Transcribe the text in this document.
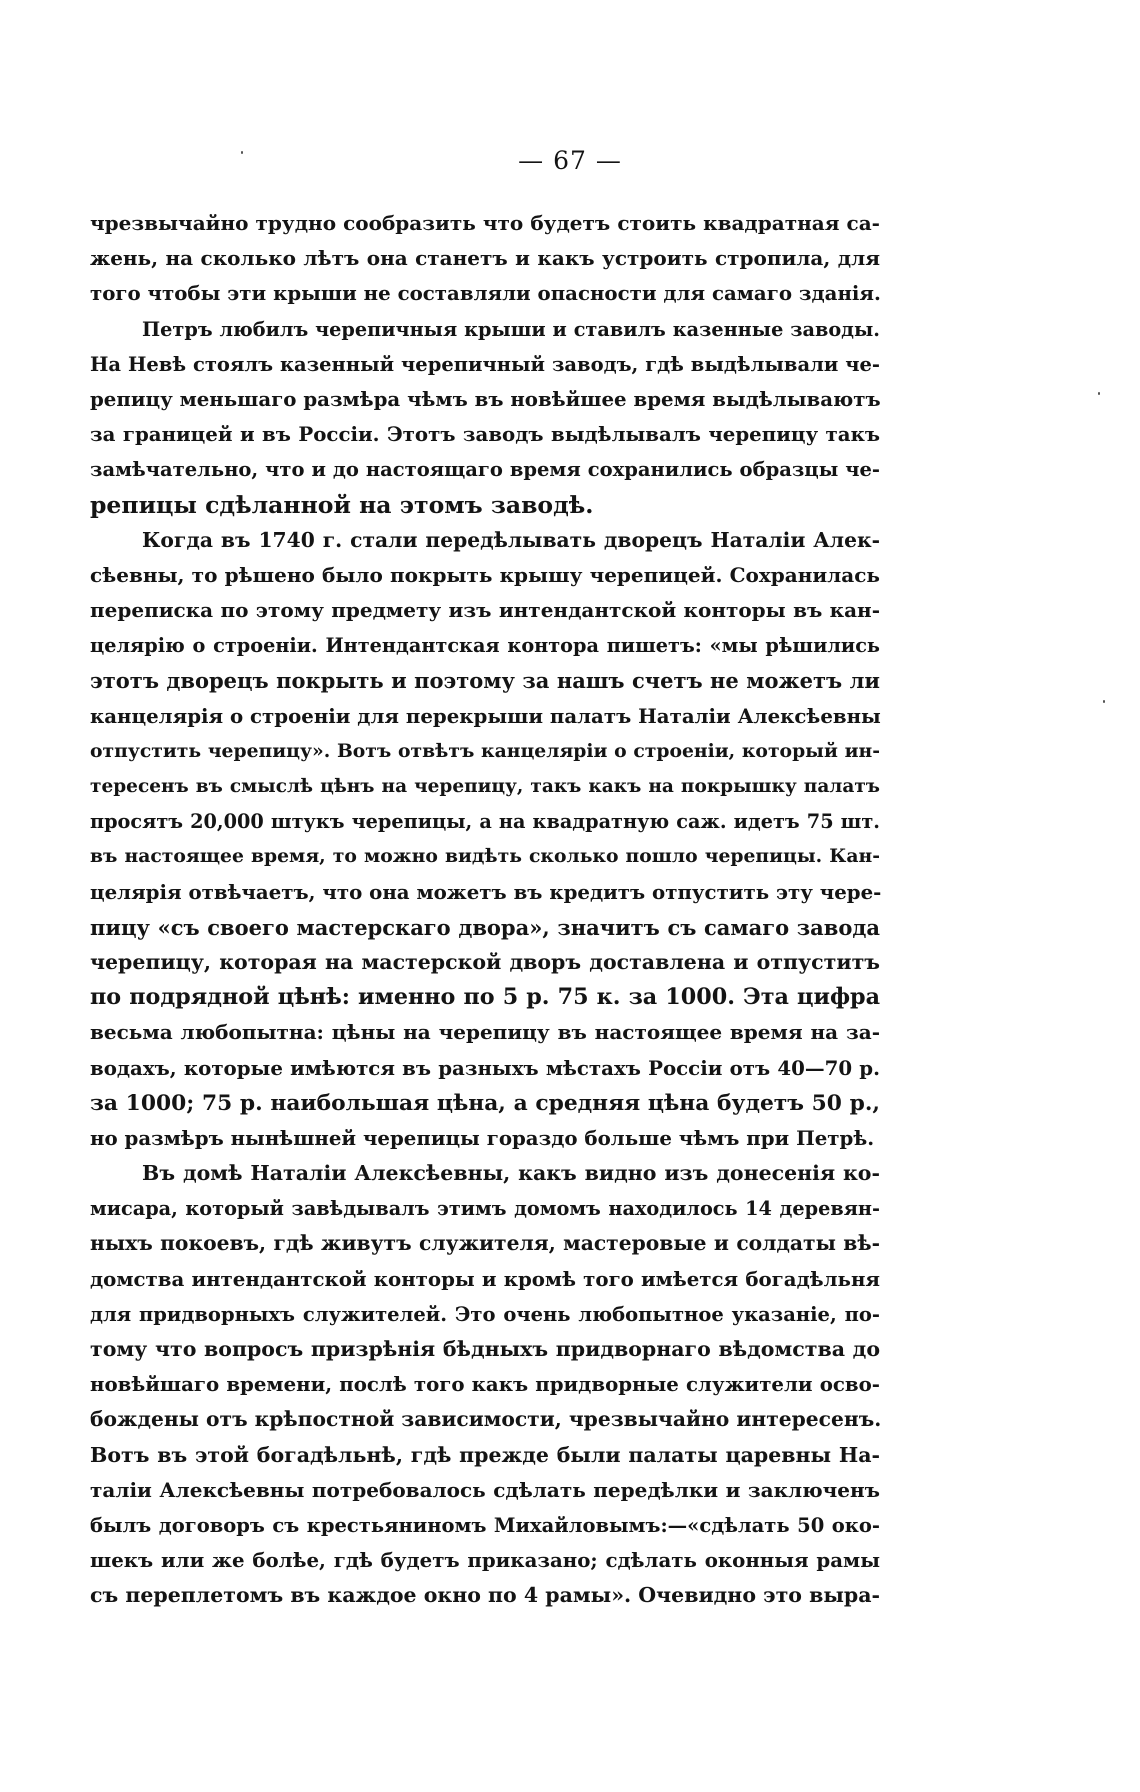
— 67 —
чрезвычайно трудно сообразить что будетъ стоить квадратная са-
жень, на сколько лѣтъ она станетъ и какъ устроить стропила, для
того чтобы эти крыши не составляли опасности для самаго зданія.
Петръ любилъ черепичныя крыши и ставилъ казенные заводы.
На Невѣ стоялъ казенный черепичный заводъ, гдѣ выдѣлывали че-
репицу меньшаго размѣра чѣмъ въ новѣйшее время выдѣлываютъ
за границей и въ Россіи. Этотъ заводъ выдѣлывалъ черепицу такъ
замѣчательно, что и до настоящаго время сохранились образцы че-
репицы сдѣланной на этомъ заводѣ.
Когда въ 1740 г. стали передѣлывать дворецъ Наталіи Алек-
сѣевны, то рѣшено было покрыть крышу черепицей. Сохранилась
переписка по этому предмету изъ интендантской конторы въ кан-
целярію о строеніи. Интендантская контора пишетъ: «мы рѣшились
этотъ дворецъ покрыть и поэтому за нашъ счетъ не можетъ ли
канцелярія о строеніи для перекрыши палатъ Наталіи Алексѣевны
отпустить черепицу». Вотъ отвѣтъ канцеляріи о строеніи, который ин-
тересенъ въ смыслѣ цѣнъ на черепицу, такъ какъ на покрышку палатъ
просятъ 20,000 штукъ черепицы, а на квадратную саж. идетъ 75 шт.
въ настоящее время, то можно видѣть сколько пошло черепицы. Кан-
целярія отвѣчаетъ, что она можетъ въ кредитъ отпустить эту чере-
пицу «съ своего мастерскаго двора», значитъ съ самаго завода
черепицу, которая на мастерской дворъ доставлена и отпуститъ
по подрядной цѣнѣ: именно по 5 р. 75 к. за 1000. Эта цифра
весьма любопытна: цѣны на черепицу въ настоящее время на за-
водахъ, которые имѣются въ разныхъ мѣстахъ Россіи отъ 40—70 р.
за 1000; 75 р. наибольшая цѣна, а средняя цѣна будетъ 50 р.,
но размѣръ нынѣшней черепицы гораздо больше чѣмъ при Петрѣ.
Въ домѣ Наталіи Алексѣевны, какъ видно изъ донесенія ко-
мисара, который завѣдывалъ этимъ домомъ находилось 14 деревян-
ныхъ покоевъ, гдѣ живутъ служителя, мастеровые и солдаты вѣ-
домства интендантской конторы и кромѣ того имѣется богадѣльня
для придворныхъ служителей. Это очень любопытное указаніе, по-
тому что вопросъ призрѣнія бѣдныхъ придворнаго вѣдомства до
новѣйшаго времени, послѣ того какъ придворные служители осво-
бождены отъ крѣпостной зависимости, чрезвычайно интересенъ.
Вотъ въ этой богадѣльнѣ, гдѣ прежде были палаты царевны На-
таліи Алексѣевны потребовалось сдѣлать передѣлки и заключенъ
былъ договоръ съ крестьяниномъ Михайловымъ:—«сдѣлать 50 око-
шекъ или же болѣе, гдѣ будетъ приказано; сдѣлать оконныя рамы
съ переплетомъ въ каждое окно по 4 рамы». Очевидно это выра-
